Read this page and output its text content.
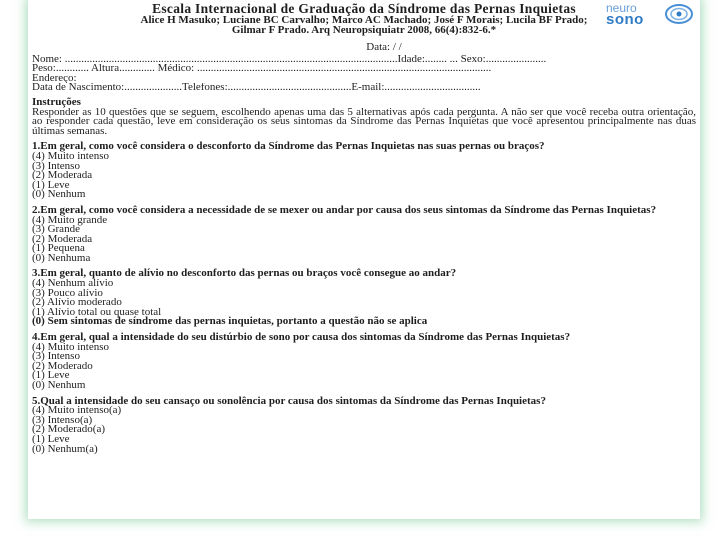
neuro
sono
Escala Internacional de Graduação da Síndrome das Pernas Inquietas
Alice H Masuko; Luciane BC Carvalho; Marco AC Machado; José F Morais; Lucila BF Prado;
Gilmar F Prado. Arq Neuropsiquiatr 2008, 66(4):832-6.*
Data: / /
Nome: .........................................................................................................................Idade:........ ... Sexo:......................
Peso:............ Altura............. Médico: ...........................................................................................................
Endereço:
Data de Nascimento:.....................Telefones:.............................................E-mail:...................................
Instruções
Responder as 10 questões que se seguem, escolhendo apenas uma das 5 alternativas após cada pergunta. A não ser que você receba outra orientação, ao responder cada questão, leve em consideração os seus sintomas da Síndrome das Pernas Inquietas que você apresentou principalmente nas duas últimas semanas.
1.Em geral, como você considera o desconforto da Síndrome das Pernas Inquietas nas suas pernas ou braços?
(4) Muito intenso
(3) Intenso
(2) Moderada
(1) Leve
(0) Nenhum
2.Em geral, como você considera a necessidade de se mexer ou andar por causa dos seus sintomas da Síndrome das Pernas Inquietas?
(4) Muito grande
(3) Grande
(2) Moderada
(1) Pequena
(0) Nenhuma
3.Em geral, quanto de alívio no desconforto das pernas ou braços você consegue ao andar?
(4) Nenhum alívio
(3) Pouco alívio
(2) Alívio moderado
(1) Alívio total ou quase total
(0) Sem sintomas de síndrome das pernas inquietas, portanto a questão não se aplica
4.Em geral, qual a intensidade do seu distúrbio de sono por causa dos sintomas da Síndrome das Pernas Inquietas?
(4) Muito intenso
(3) Intenso
(2) Moderado
(1) Leve
(0) Nenhum
5.Qual a intensidade do seu cansaço ou sonolência por causa dos sintomas da Síndrome das Pernas Inquietas?
(4) Muito intenso(a)
(3) Intenso(a)
(2) Moderado(a)
(1) Leve
(0) Nenhum(a)
